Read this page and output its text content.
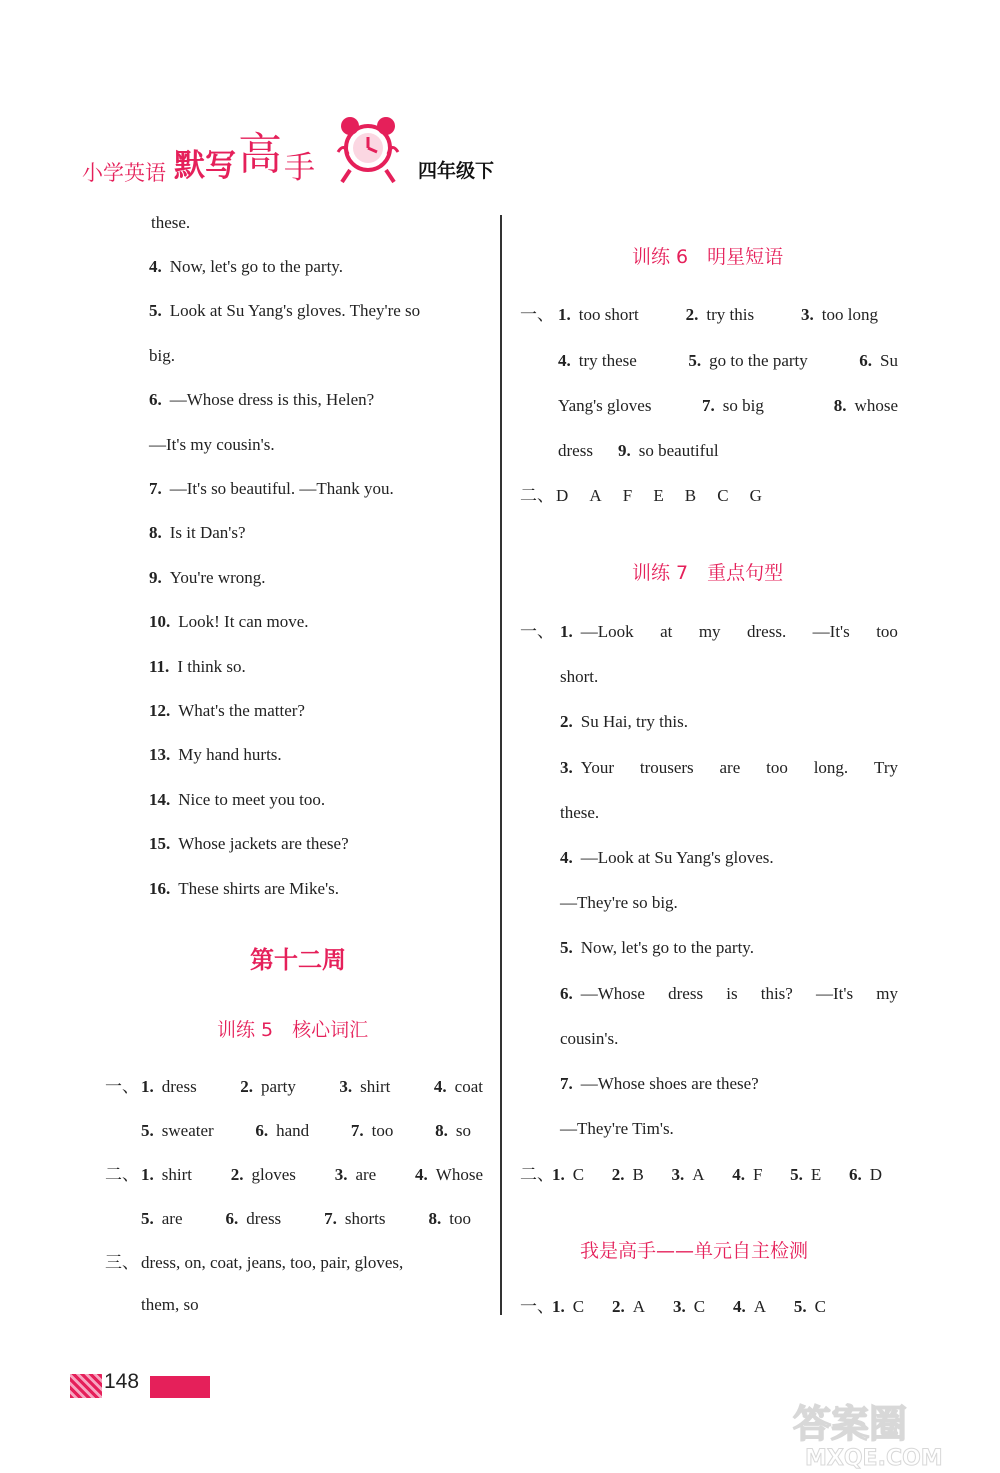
小学英语 默写 高 手	四年级下
these.
4. Now, let's go to the party.
5. Look at Su Yang's gloves. They're so
big.
6. —Whose dress is this, Helen?
—It's my cousin's.
7. —It's so beautiful. —Thank you.
8. Is it Dan's?
9. You're wrong.
10. Look! It can move.
11. I think so.
12. What's the matter?
13. My hand hurts.
14. Nice to meet you too.
15. Whose jackets are these?
16. These shirts are Mike's.
第十二周
训练 5　核心词汇
一、 1. dress	2. party	3. shirt	4. coat
5. sweater 6. hand 7. too 8. so
二、 1. shirt 2. gloves 3. are 4. Whose
5. are	6. dress	7. shorts	8. too
三、 dress, on, coat, jeans, too, pair, gloves,
them, so
训练 6　明星短语
一、 1. too short	2. try this	3. too long
4. try these	5. go to the party	6. Su
Yang's gloves	7. so big	8. whose
dress 9. so beautiful
二、 D A F E B C G
训练 7　重点句型
一、 1. —Look at my dress. —It's too
short.
2. Su Hai, try this.
3. Your trousers are too long. Try
these.
4. —Look at Su Yang's gloves.
—They're so big.
5. Now, let's go to the party.
6. —Whose dress is this? —It's my
cousin's.
7. —Whose shoes are these?
—They're Tim's.
二、
1. C 2. B 3. A 4. F 5. E 6. D
我是高手——单元自主检测
一、
1. C 2. A 3. C 4. A 5. C
148
答案圈
MXQE.COM
